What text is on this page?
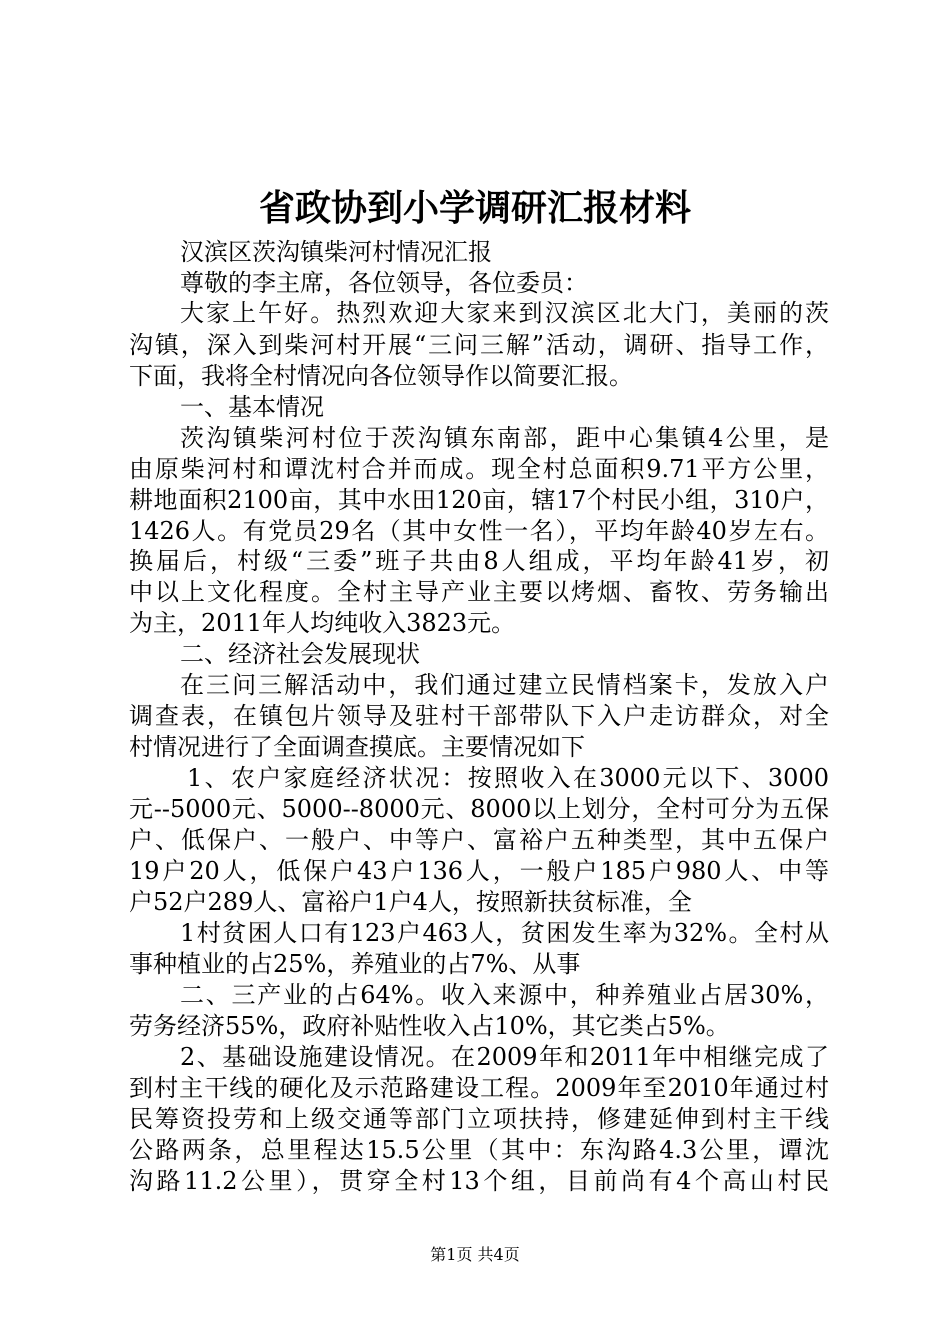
省政协到小学调研汇报材料
汉滨区茨沟镇柴河村情况汇报
尊敬的李主席，各位领导，各位委员：
大家上午好。热烈欢迎大家来到汉滨区北大门，美丽的茨
沟镇，深入到柴河村开展“三问三解”活动，调研、指导工作，
下面，我将全村情况向各位领导作以简要汇报。
一、基本情况
茨沟镇柴河村位于茨沟镇东南部，距中心集镇4公里，是
由原柴河村和谭沈村合并而成。现全村总面积9.71平方公里，
耕地面积2100亩，其中水田120亩，辖17个村民小组，310户，
1426人。有党员29名（其中女性一名），平均年龄40岁左右。
换届后，村级“三委”班子共由8人组成，平均年龄41岁，初
中以上文化程度。全村主导产业主要以烤烟、畜牧、劳务输出
为主，2011年人均纯收入3823元。
二、经济社会发展现状
在三问三解活动中，我们通过建立民情档案卡，发放入户
调查表，在镇包片领导及驻村干部带队下入户走访群众，对全
村情况进行了全面调查摸底。主要情况如下
1、农户家庭经济状况：按照收入在3000元以下、3000
元--5000元、5000--8000元、8000以上划分，全村可分为五保
户、低保户、一般户、中等户、富裕户五种类型，其中五保户
19户20人，低保户43户136人，一般户185户980人、中等
户52户289人、富裕户1户4人，按照新扶贫标准，全
1村贫困人口有123户463人，贫困发生率为32%。全村从
事种植业的占25%，养殖业的占7%、从事
二、三产业的占64%。收入来源中，种养殖业占居30%，
劳务经济55%，政府补贴性收入占10%，其它类占5%。
2、基础设施建设情况。在2009年和2011年中相继完成了
到村主干线的硬化及示范路建设工程。2009年至2010年通过村
民筹资投劳和上级交通等部门立项扶持，修建延伸到村主干线
公路两条，总里程达15.5公里（其中：东沟路4.3公里，谭沈
沟路11.2公里），贯穿全村13个组，目前尚有4个高山村民
第1页 共4页
